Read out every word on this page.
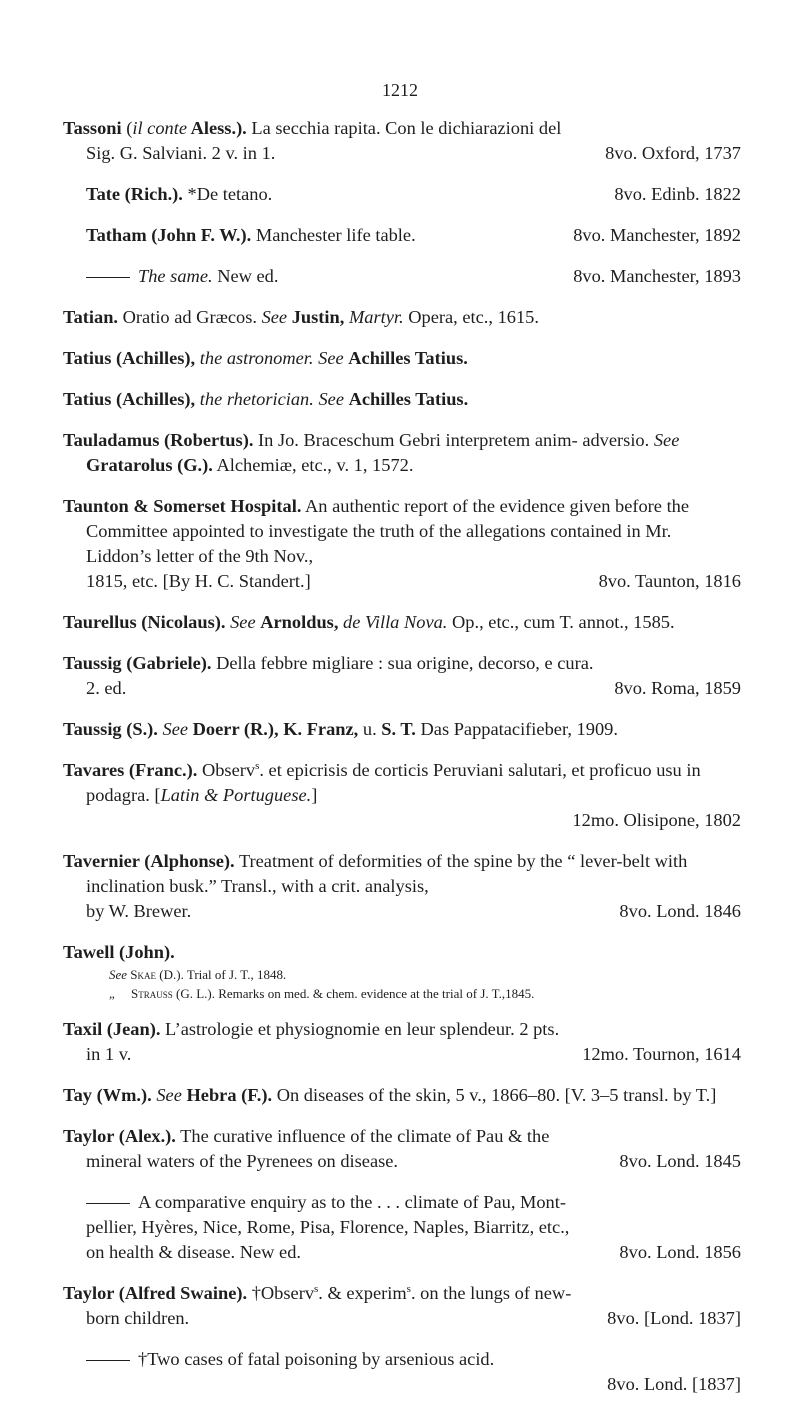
1212
Tassoni (il conte Aless.). La secchia rapita. Con le dichiarazioni del
Sig. G. Salviani. 2 v. in 1.	8vo. Oxford, 1737
Tate (Rich.). *De tetano.	8vo. Edinb. 1822
Tatham (John F. W.). Manchester life table.	8vo. Manchester, 1892
The same. New ed.	8vo. Manchester, 1893
Tatian. Oratio ad Græcos. See Justin, Martyr. Opera, etc., 1615.
Tatius (Achilles), the astronomer. See Achilles Tatius.
Tatius (Achilles), the rhetorician. See Achilles Tatius.
Tauladamus (Robertus). In Jo. Braceschum Gebri interpretem anim- adversio. See Gratarolus (G.). Alchemiæ, etc., v. 1, 1572.
Taunton & Somerset Hospital. An authentic report of the evidence given before the Committee appointed to investigate the truth of the allegations contained in Mr. Liddon’s letter of the 9th Nov.,
1815, etc. [By H. C. Standert.]	8vo. Taunton, 1816
Taurellus (Nicolaus). See Arnoldus, de Villa Nova. Op., etc., cum T. annot., 1585.
Taussig (Gabriele). Della febbre migliare : sua origine, decorso, e cura.
2. ed.	8vo. Roma, 1859
Taussig (S.). See Doerr (R.), K. Franz, u. S. T. Das Pappatacifieber, 1909.
Tavares (Franc.). Observ$^s$. et epicrisis de corticis Peruviani salutari, et proficuo usu in podagra. [Latin & Portuguese.]
12mo. Olisipone, 1802
Tavernier (Alphonse). Treatment of deformities of the spine by the “ lever-belt with inclination busk.” Transl., with a crit. analysis,
by W. Brewer.	8vo. Lond. 1846
Tawell (John).
See Skae (D.). Trial of J. T., 1848.
„ Strauss (G. L.). Remarks on med. & chem. evidence at the trial of J. T.,1845.
Taxil (Jean). L’astrologie et physiognomie en leur splendeur. 2 pts.
in 1 v.	12mo. Tournon, 1614
Tay (Wm.). See Hebra (F.). On diseases of the skin, 5 v., 1866–80. [V. 3–5 transl. by T.]
Taylor (Alex.). The curative influence of the climate of Pau & the
mineral waters of the Pyrenees on disease.	8vo. Lond. 1845
A comparative enquiry as to the . . . climate of Pau, Mont-
pellier, Hyères, Nice, Rome, Pisa, Florence, Naples, Biarritz, etc.,
on health & disease. New ed.	8vo. Lond. 1856
Taylor (Alfred Swaine). †Observ$^s$. & experim$^s$. on the lungs of new-
born children.	8vo. [Lond. 1837]
†Two cases of fatal poisoning by arsenious acid.
8vo. Lond. [1837]
